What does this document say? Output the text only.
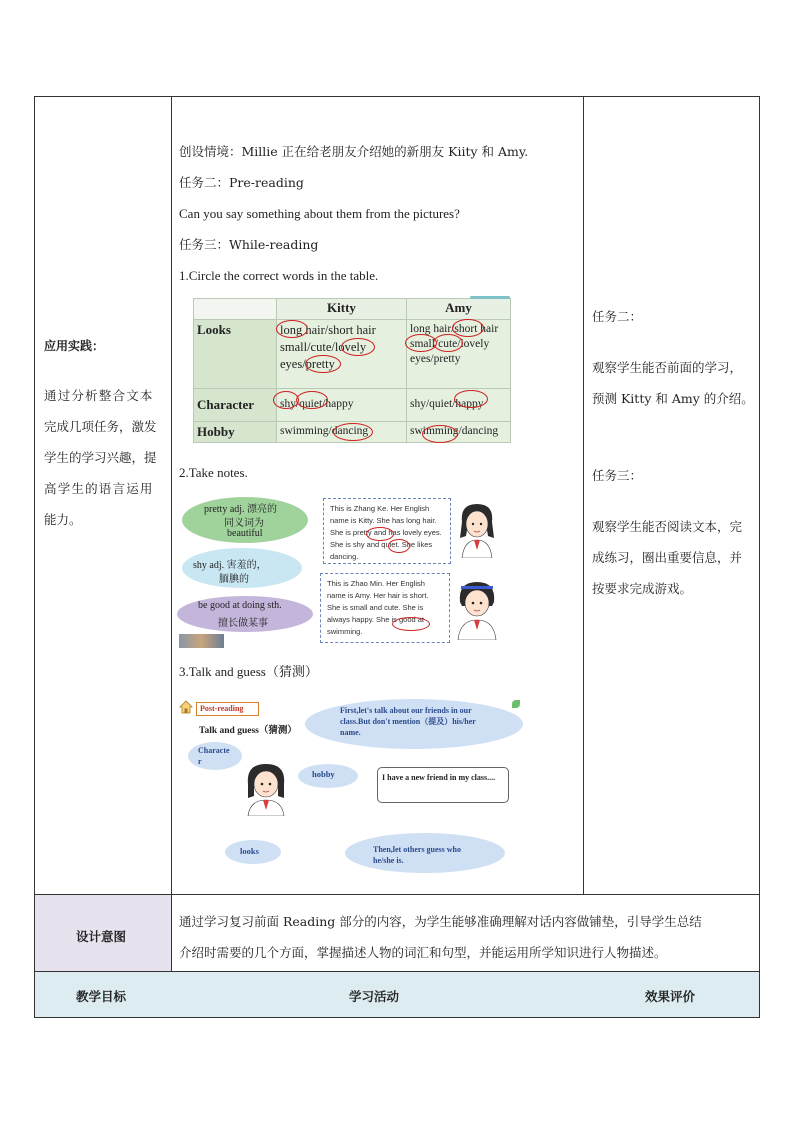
应用实践：
通过分析整合文本
完成几项任务，激发
学生的学习兴趣，提
高学生的语言运用
能力。
创设情境：Millie 正在给老朋友介绍她的新朋友 Kiity 和 Amy.
任务二：Pre-reading
Can you say something about them from the pictures?
任务三：While-reading
1.Circle the correct words in the table.
	Kitty	Amy
Looks	long hair/short hair small/cute/lovely eyes/pretty	long hair/short hair small/cute/lovely eyes/pretty
Character	shy/quiet/happy	shy/quiet/happy
Hobby	swimming/dancing	swimming/dancing
2.Take notes.
pretty adj. 漂亮的
同义词为
beautiful
shy adj. 害羞的，
腼腆的
be good at doing sth.
擅长做某事
This is Zhang Ke. Her English name is Kitty. She has long hair. She is pretty and has lovely eyes. She is shy and quiet. She likes dancing.
This is Zhao Min. Her English name is Amy. Her hair is short. She is small and cute. She is always happy. She is good at swimming.
3.Talk and guess（猜测）
Post-reading
Talk and guess（猜测）
First,let's talk about our friends in our class.But don't mention（提及）his/her name.
Character
hobby
looks	Then,let others guess who he/she is.
I have a new friend in my class....
任务二：
观察学生能否前面的学习，
预测 Kitty 和 Amy 的介绍。
任务三：
观察学生能否阅读文本，完
成练习，圈出重要信息，并
按要求完成游戏。
设计意图
通过学习复习前面 Reading 部分的内容，为学生能够准确理解对话内容做铺垫，引导学生总结
介绍时需要的几个方面，掌握描述人物的词汇和句型，并能运用所学知识进行人物描述。
教学目标	学习活动	效果评价
